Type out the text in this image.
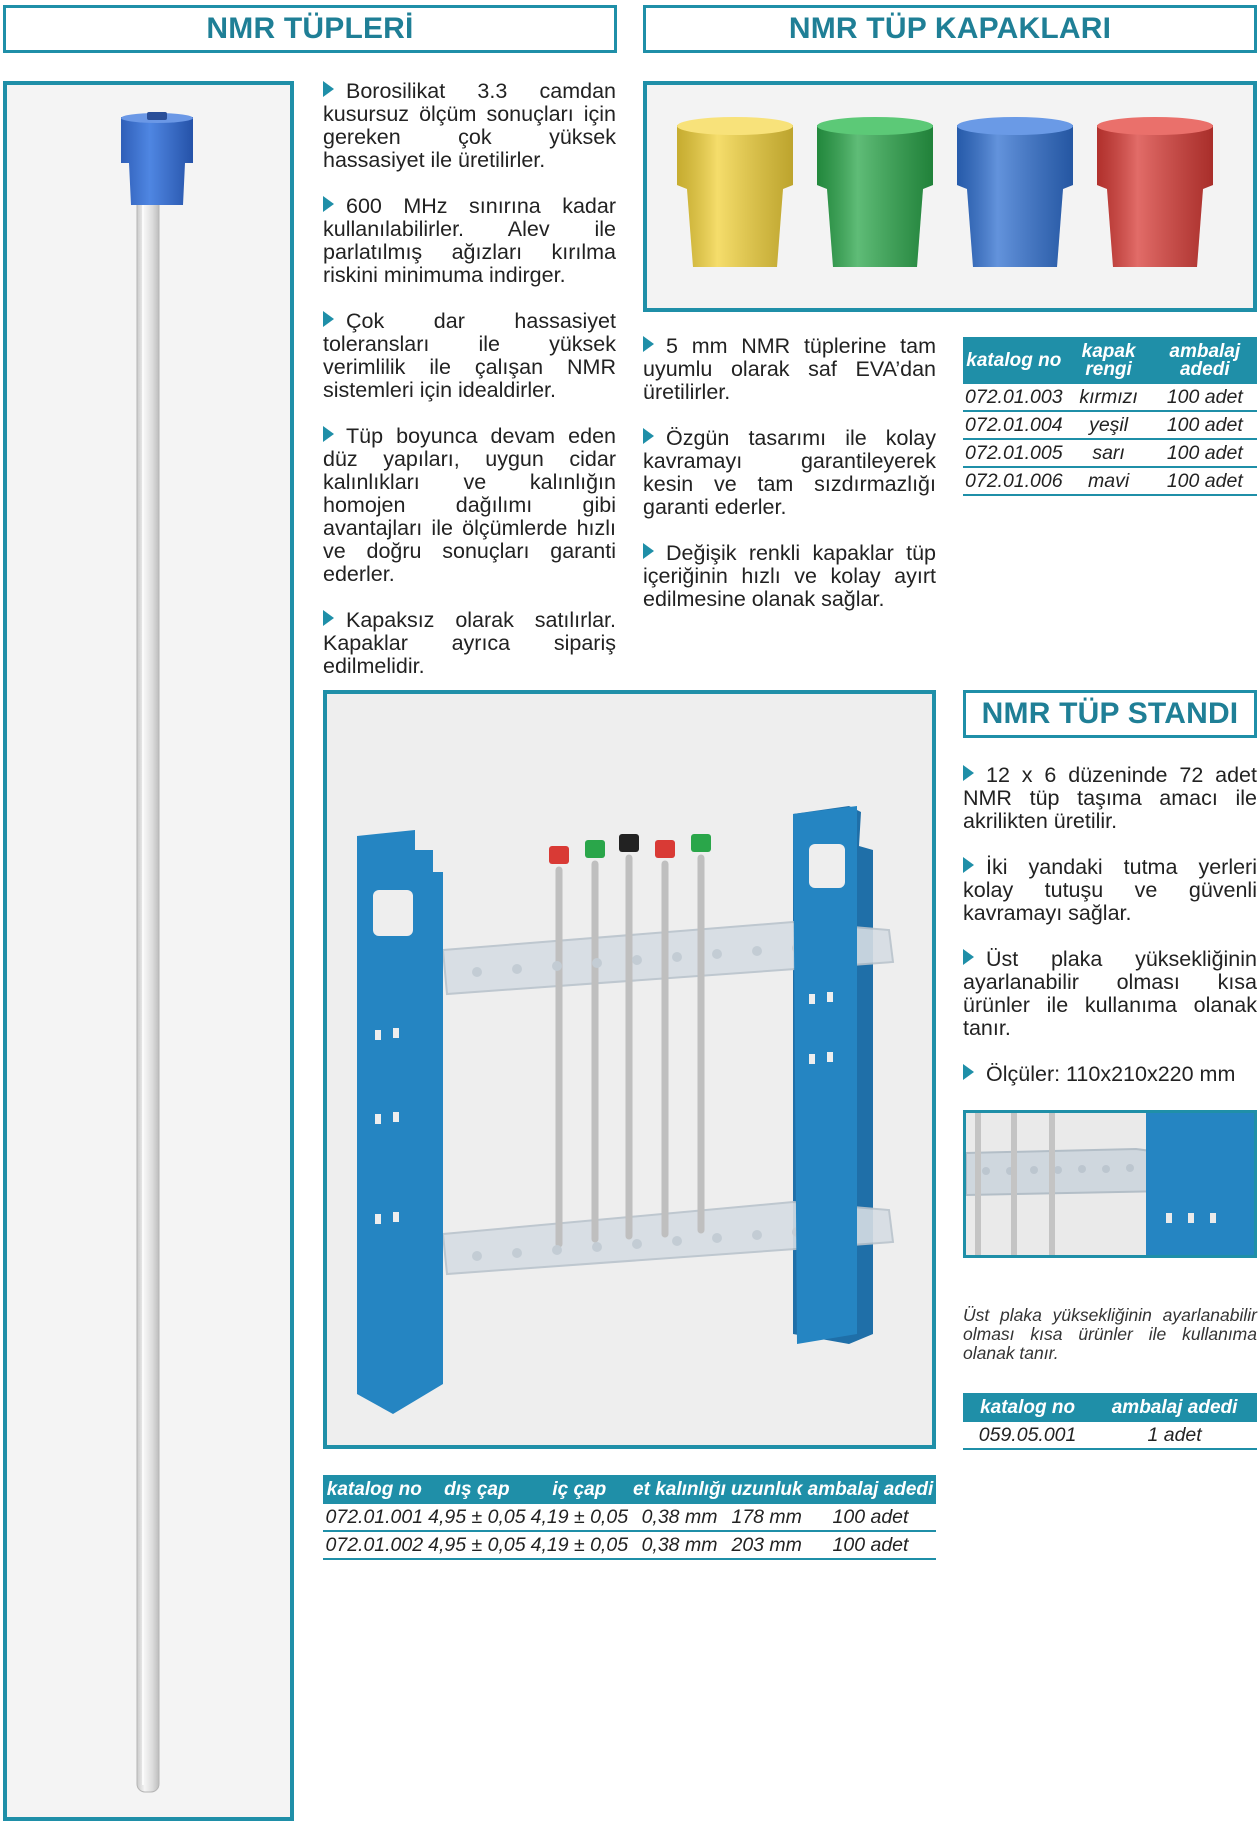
NMR TÜPLERİ

Borosilikat 3.3 camdan kusursuz ölçüm sonuçları için gereken çok yüksek hassasiyet ile üretilirler.

600 MHz sınırına kadar kullanılabilirler. Alev ile parlatılmış ağızları kırılma riskini minimuma indirger.

Çok dar hassasiyet toleransları ile yüksek verimlilik ile çalışan NMR sistemleri için idealdirler.

Tüp boyunca devam eden düz yapıları, uygun cidar kalınlıkları ve kalınlığın homojen dağılımı gibi avantajları ile ölçümlerde hızlı ve doğru sonuçları garanti ederler.

Kapaksız olarak satılırlar. Kapaklar ayrıca sipariş edilmelidir.

katalog no	dış çap	iç çap	et kalınlığı	uzunluk	ambalaj adedi
072.01.001	4,95 ± 0,05	4,19 ± 0,05	0,38 mm	178 mm	100 adet
072.01.002	4,95 ± 0,05	4,19 ± 0,05	0,38 mm	203 mm	100 adet
NMR TÜP KAPAKLARI

5 mm NMR tüplerine tam uyumlu olarak saf EVA’dan üretilirler.

Özgün tasarımı ile kolay kavramayı garantileyerek kesin ve tam sızdırmazlığı garanti ederler.

Değişik renkli kapaklar tüp içeriğinin hızlı ve kolay ayırt edilmesine olanak sağlar.

katalog no	kapak rengi	ambalaj adedi
072.01.003	kırmızı	100 adet
072.01.004	yeşil	100 adet
072.01.005	sarı	100 adet
072.01.006	mavi	100 adet
NMR TÜP STANDI

12 x 6 düzeninde 72 adet NMR tüp taşıma amacı ile akrilikten üretilir.

İki yandaki tutma yerleri kolay tutuşu ve güvenli kavramayı sağlar.

Üst plaka yüksekliğinin ayarlanabilir olması kısa ürünler ile kullanıma olanak tanır.

Ölçüler: 110x210x220 mm

Üst plaka yüksekliğinin ayarlanabilir olması kısa ürünler ile kullanıma olanak tanır.

katalog no	ambalaj adedi
059.05.001	1 adet
